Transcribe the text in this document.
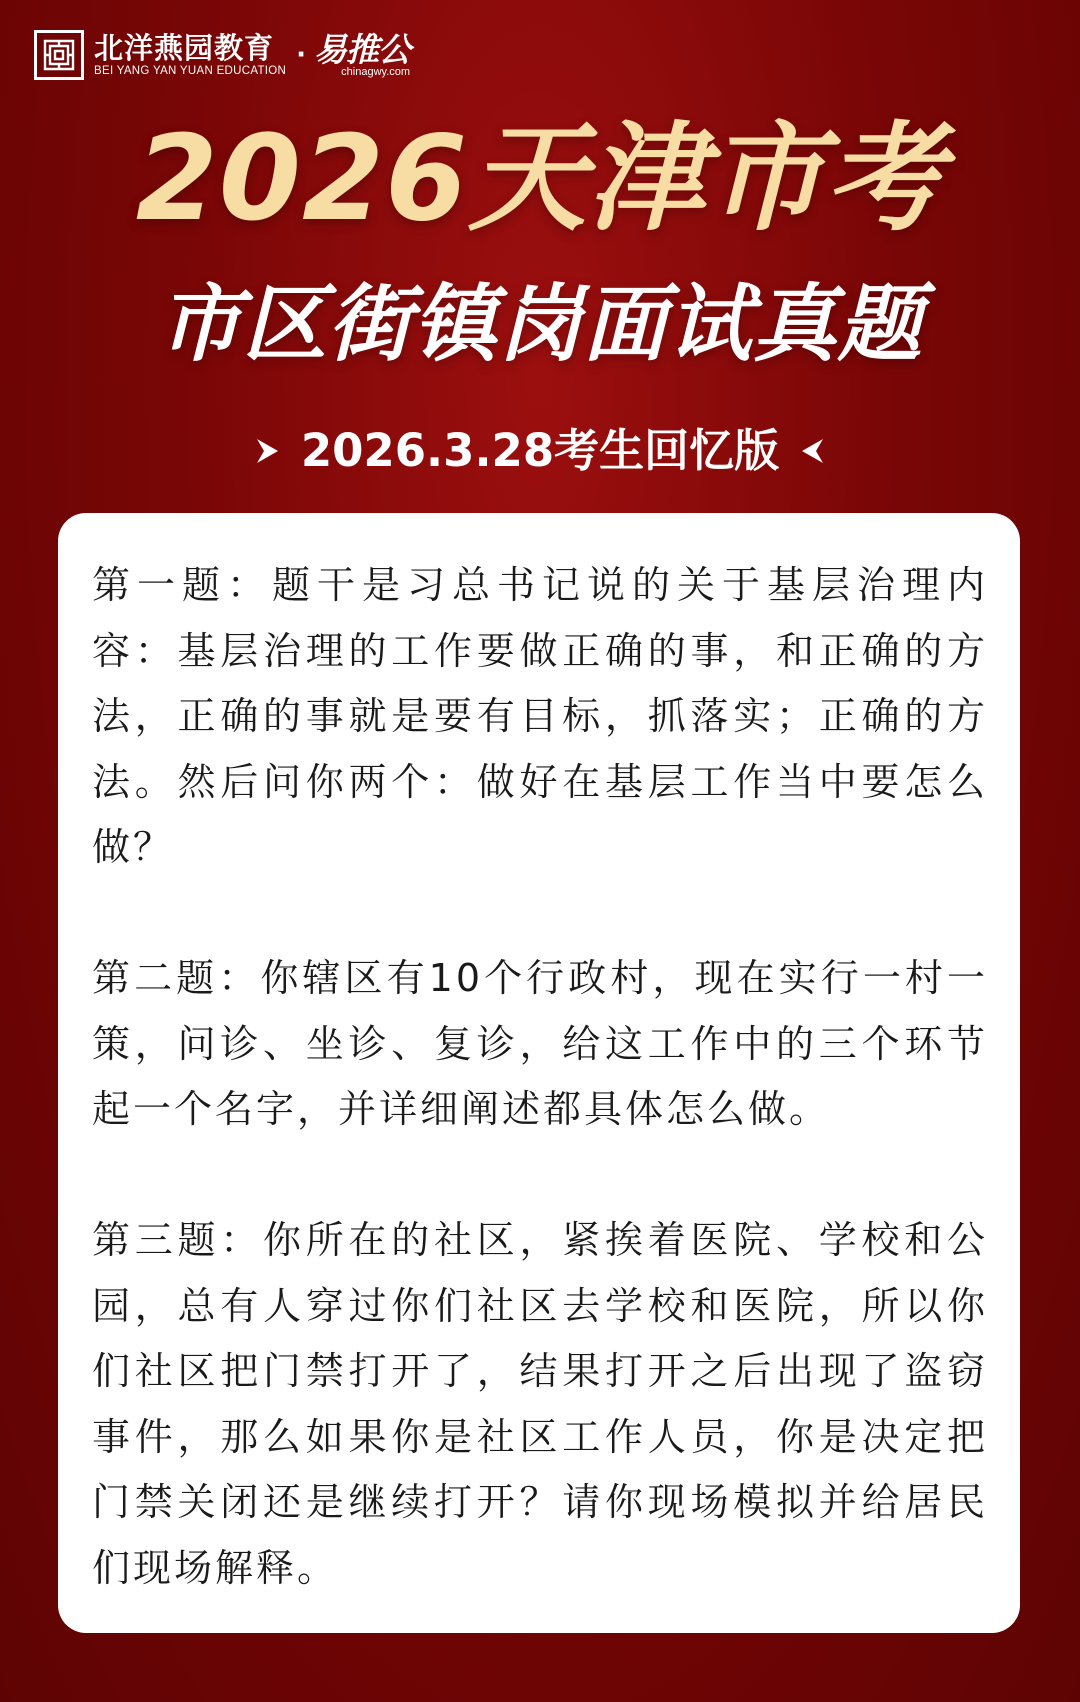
北洋燕园教育
BEI YANG YAN YUAN EDUCATION
· 易推公
chinagwy.com
2026天津市考
市区街镇岗面试真题
2026.3.28考生回忆版

第一题：题干是习总书记说的关于基层治理内容：基层治理的工作要做正确的事，和正确的方法，正确的事就是要有目标，抓落实；正确的方法。然后问你两个：做好在基层工作当中要怎么做？

第二题：你辖区有10个行政村，现在实行一村一策，问诊、坐诊、复诊，给这工作中的三个环节起一个名字，并详细阐述都具体怎么做。

第三题：你所在的社区，紧挨着医院、学校和公园，总有人穿过你们社区去学校和医院，所以你们社区把门禁打开了，结果打开之后出现了盗窃事件，那么如果你是社区工作人员，你是决定把门禁关闭还是继续打开？请你现场模拟并给居民们现场解释。
